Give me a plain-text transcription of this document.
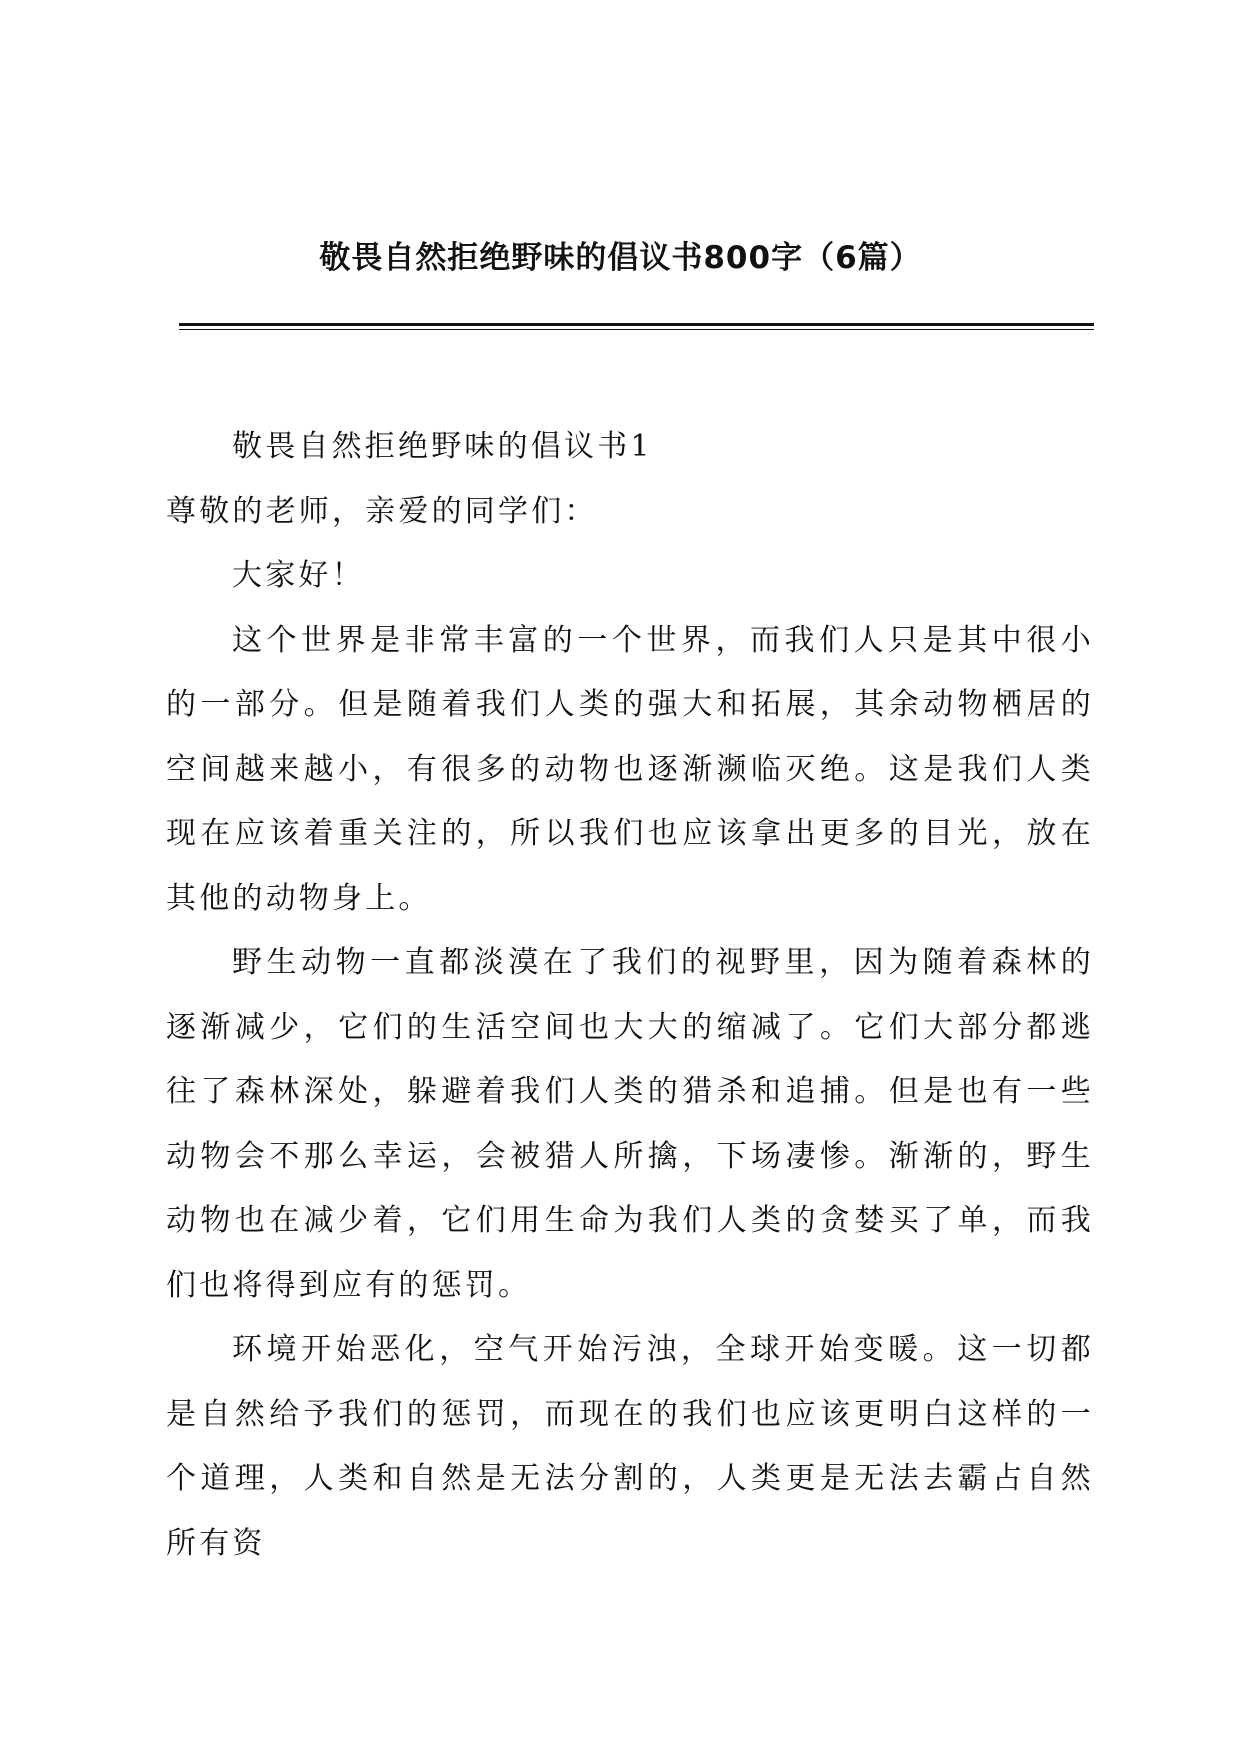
敬畏自然拒绝野味的倡议书800字（6篇）

敬畏自然拒绝野味的倡议书1

尊敬的老师，亲爱的同学们：

大家好！

这个世界是非常丰富的一个世界，而我们人只是其中很小的一部分。但是随着我们人类的强大和拓展，其余动物栖居的空间越来越小，有很多的动物也逐渐濒临灭绝。这是我们人类现在应该着重关注的，所以我们也应该拿出更多的目光，放在其他的动物身上。

野生动物一直都淡漠在了我们的视野里，因为随着森林的逐渐减少，它们的生活空间也大大的缩减了。它们大部分都逃往了森林深处，躲避着我们人类的猎杀和追捕。但是也有一些动物会不那么幸运，会被猎人所擒，下场凄惨。渐渐的，野生动物也在减少着，它们用生命为我们人类的贪婪买了单，而我们也将得到应有的惩罚。

环境开始恶化，空气开始污浊，全球开始变暖。这一切都是自然给予我们的惩罚，而现在的我们也应该更明白这样的一个道理，人类和自然是无法分割的，人类更是无法去霸占自然所有资
